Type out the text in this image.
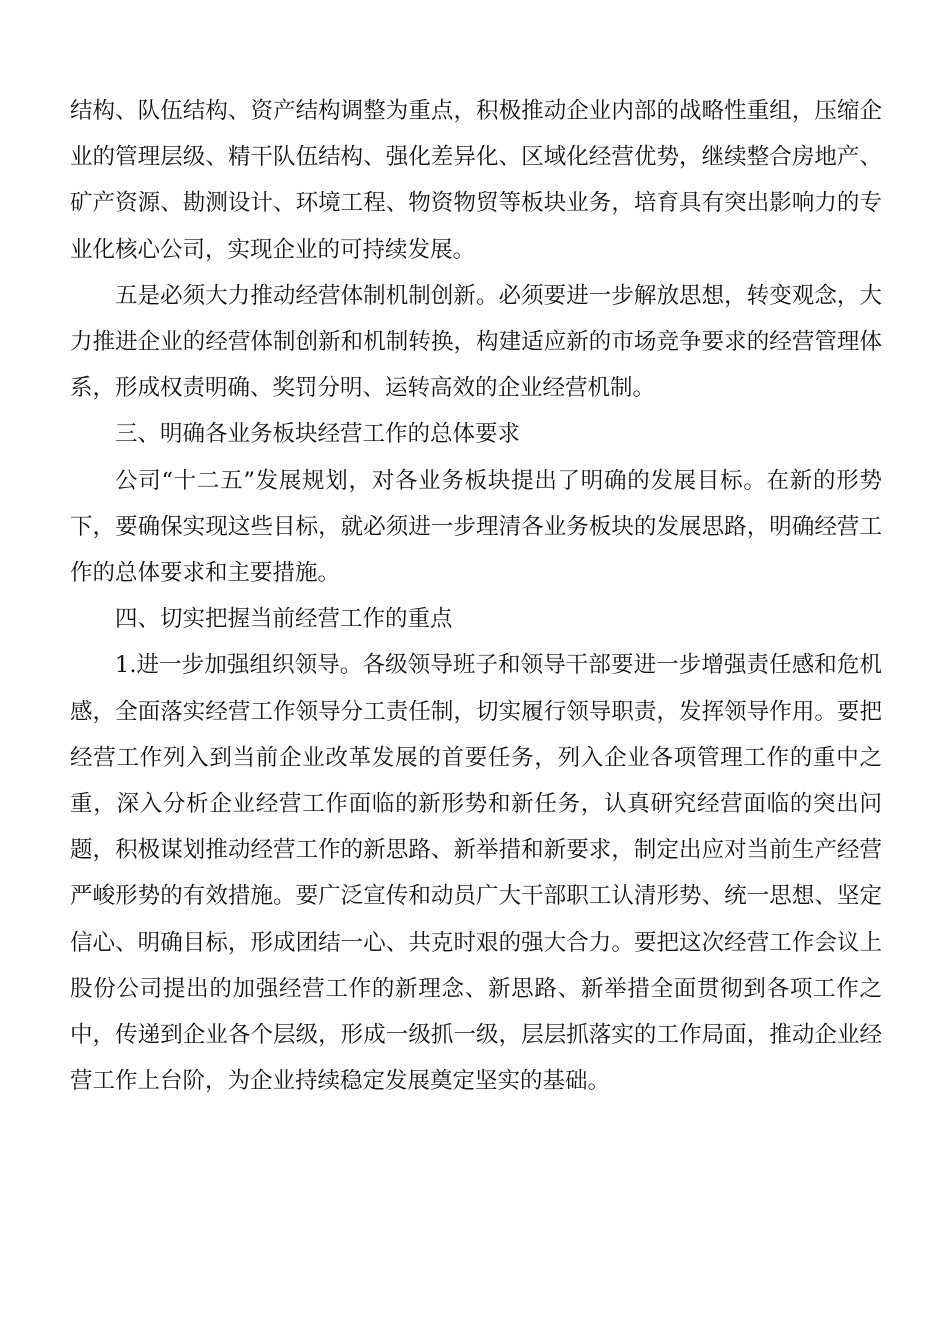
结构、队伍结构、资产结构调整为重点，积极推动企业内部的战略性重组，压缩企业的管理层级、精干队伍结构、强化差异化、区域化经营优势，继续整合房地产、矿产资源、勘测设计、环境工程、物资物贸等板块业务，培育具有突出影响力的专业化核心公司，实现企业的可持续发展。

五是必须大力推动经营体制机制创新。必须要进一步解放思想，转变观念，大力推进企业的经营体制创新和机制转换，构建适应新的市场竞争要求的经营管理体系，形成权责明确、奖罚分明、运转高效的企业经营机制。

三、明确各业务板块经营工作的总体要求

公司“十二五”发展规划，对各业务板块提出了明确的发展目标。在新的形势下，要确保实现这些目标，就必须进一步理清各业务板块的发展思路，明确经营工作的总体要求和主要措施。

四、切实把握当前经营工作的重点

1.进一步加强组织领导。各级领导班子和领导干部要进一步增强责任感和危机感，全面落实经营工作领导分工责任制，切实履行领导职责，发挥领导作用。要把经营工作列入到当前企业改革发展的首要任务，列入企业各项管理工作的重中之重，深入分析企业经营工作面临的新形势和新任务，认真研究经营面临的突出问题，积极谋划推动经营工作的新思路、新举措和新要求，制定出应对当前生产经营严峻形势的有效措施。要广泛宣传和动员广大干部职工认清形势、统一思想、坚定信心、明确目标，形成团结一心、共克时艰的强大合力。要把这次经营工作会议上股份公司提出的加强经营工作的新理念、新思路、新举措全面贯彻到各项工作之中，传递到企业各个层级，形成一级抓一级，层层抓落实的工作局面，推动企业经营工作上台阶，为企业持续稳定发展奠定坚实的基础。
